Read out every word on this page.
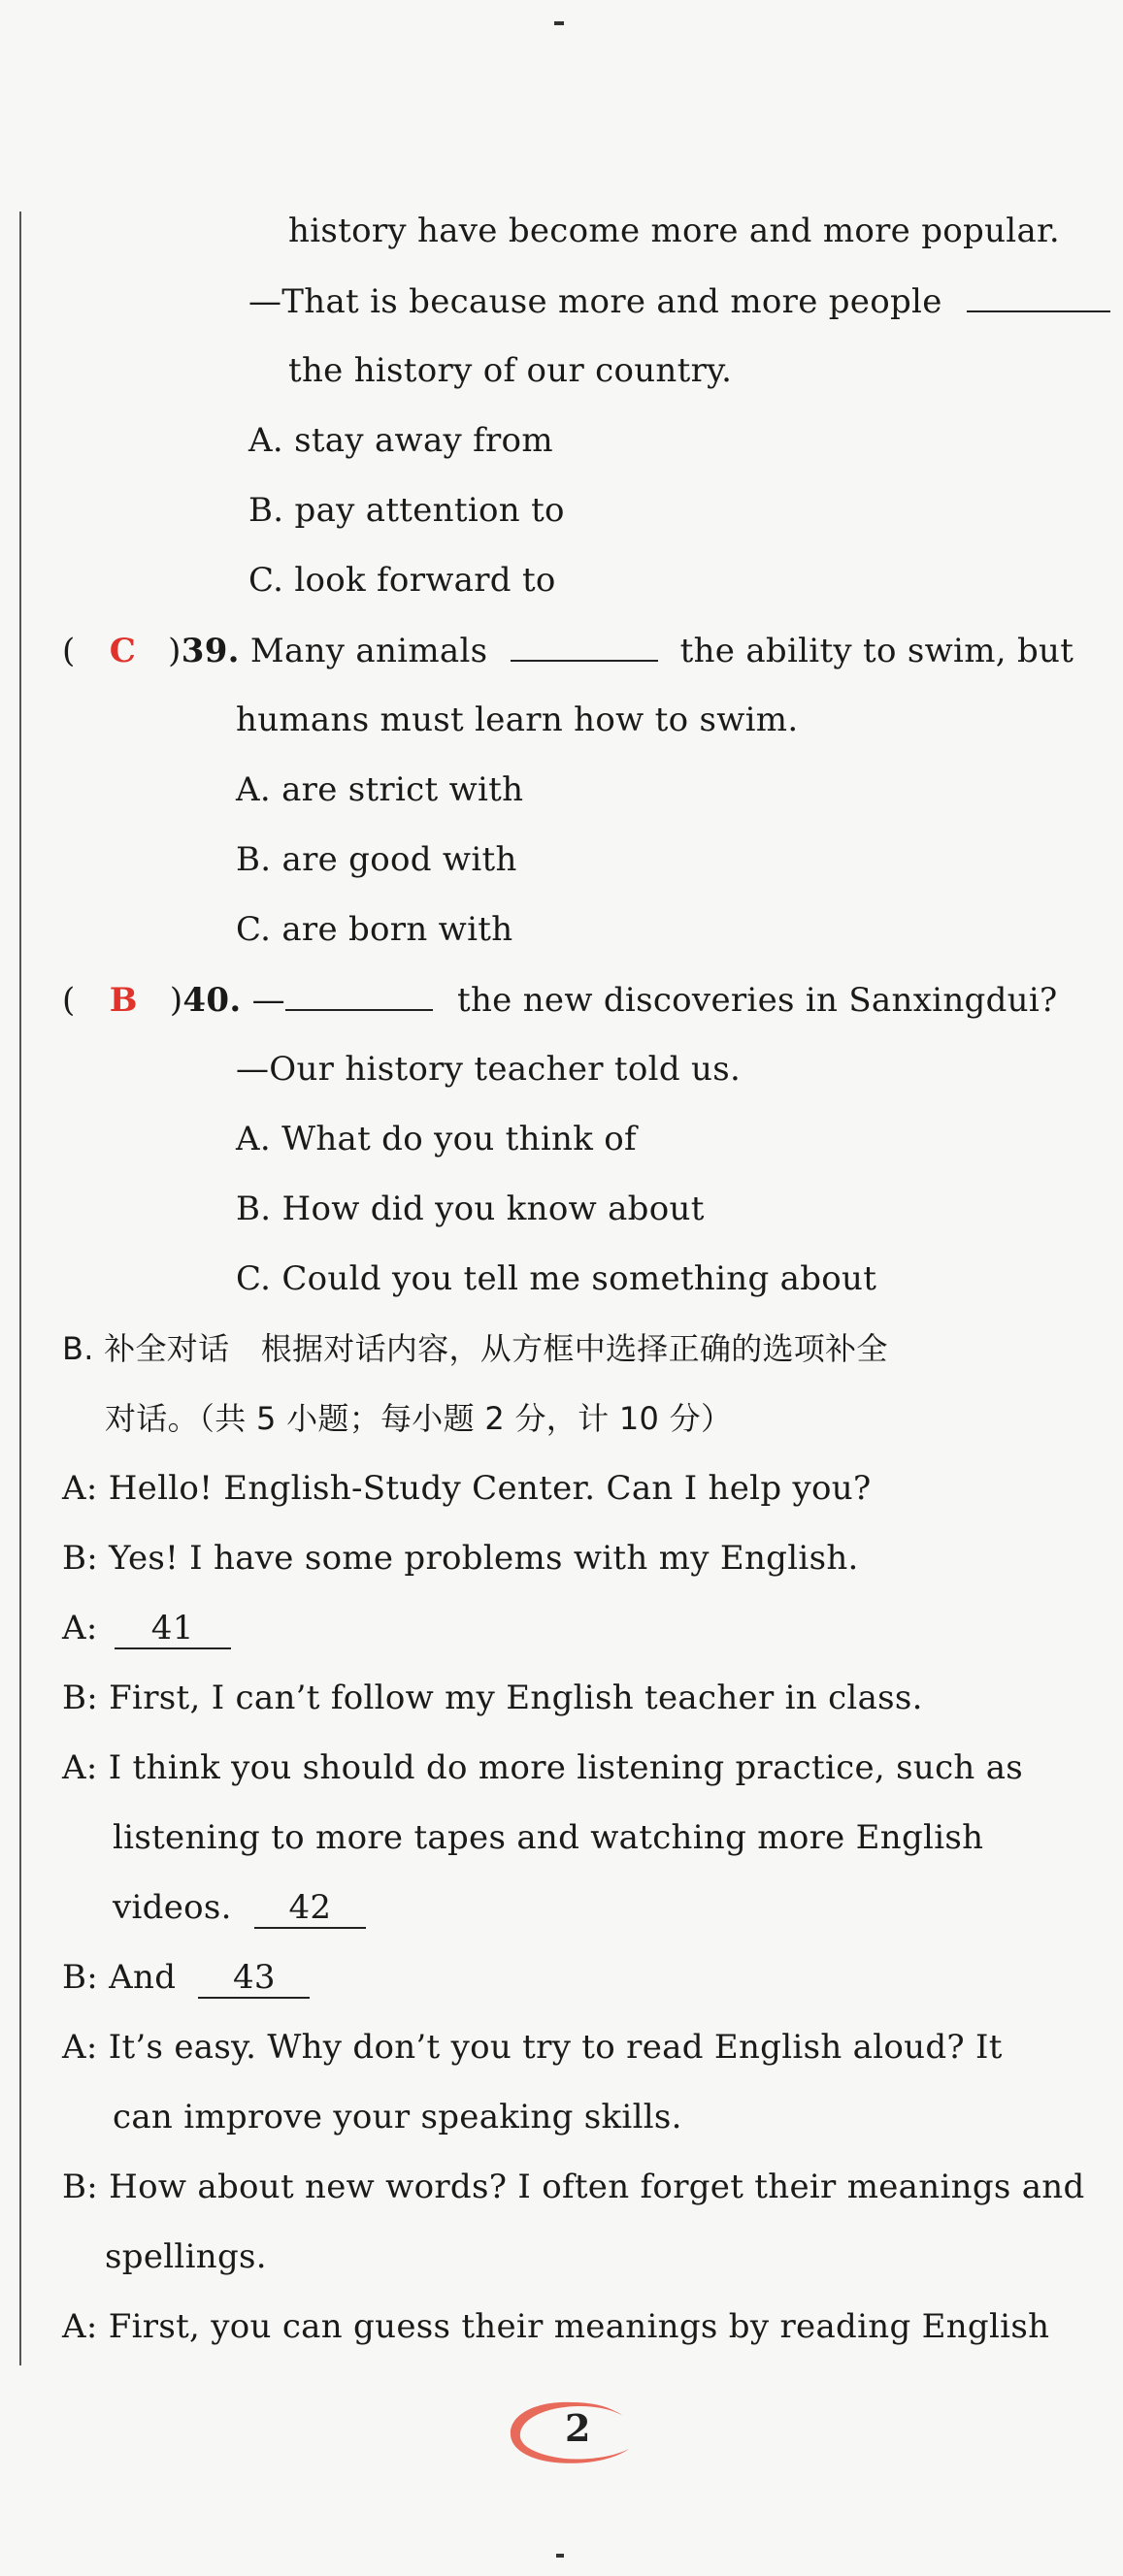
history have become more and more popular.
—That is because more and more people
the history of our country.
A. stay away from
B. pay attention to
C. look forward to
( C )39. Many animals	the ability to swim, but
humans must learn how to swim.
A. are strict with
B. are good with
C. are born with
( B )40. —	the new discoveries in Sanxingdui?
—Our history teacher told us.
A. What do you think of
B. How did you know about
C. Could you tell me something about
B. 补全对话　根据对话内容，从方框中选择正确的选项补全
对话。（共 5 小题；每小题 2 分，计 10 分）
A: Hello! English-Study Center. Can I help you?
B: Yes! I have some problems with my English.
A: 41
B: First, I can’t follow my English teacher in class.
A: I think you should do more listening practice, such as
listening to more tapes and watching more English
videos. 42
B: And 43
A: It’s easy. Why don’t you try to read English aloud? It
can improve your speaking skills.
B: How about new words? I often forget their meanings and
spellings.
A: First, you can guess their meanings by reading English
2
